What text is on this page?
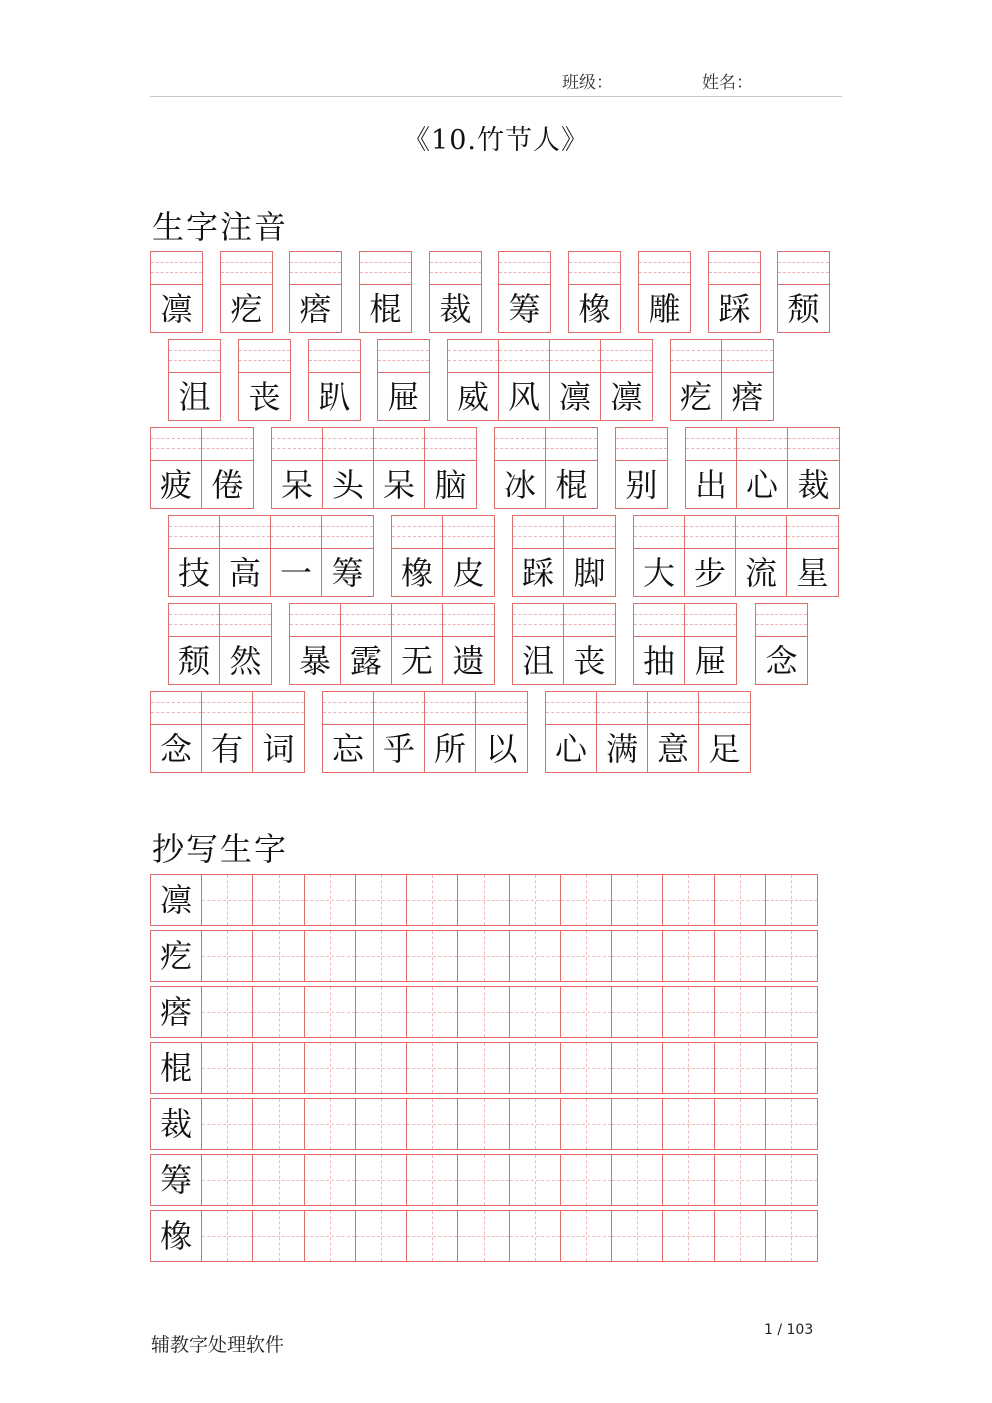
班级：	姓名：
《10.竹节人》
生字注音
凛 疙 瘩 棍 裁 筹 橡 雕 踩 颓
沮 丧 趴 屉 威 风 凛 凛 疙 瘩
疲 倦 呆 头 呆 脑 冰 棍 别 出 心 裁
技 高 一 筹 橡 皮 踩 脚 大 步 流 星
颓 然 暴 露 无 遗 沮 丧 抽 屉 念
念 有 词 忘 乎 所 以 心 满 意 足
抄写生字
凛
疙
瘩
棍
裁
筹
橡
辅教字处理软件
1 / 103
